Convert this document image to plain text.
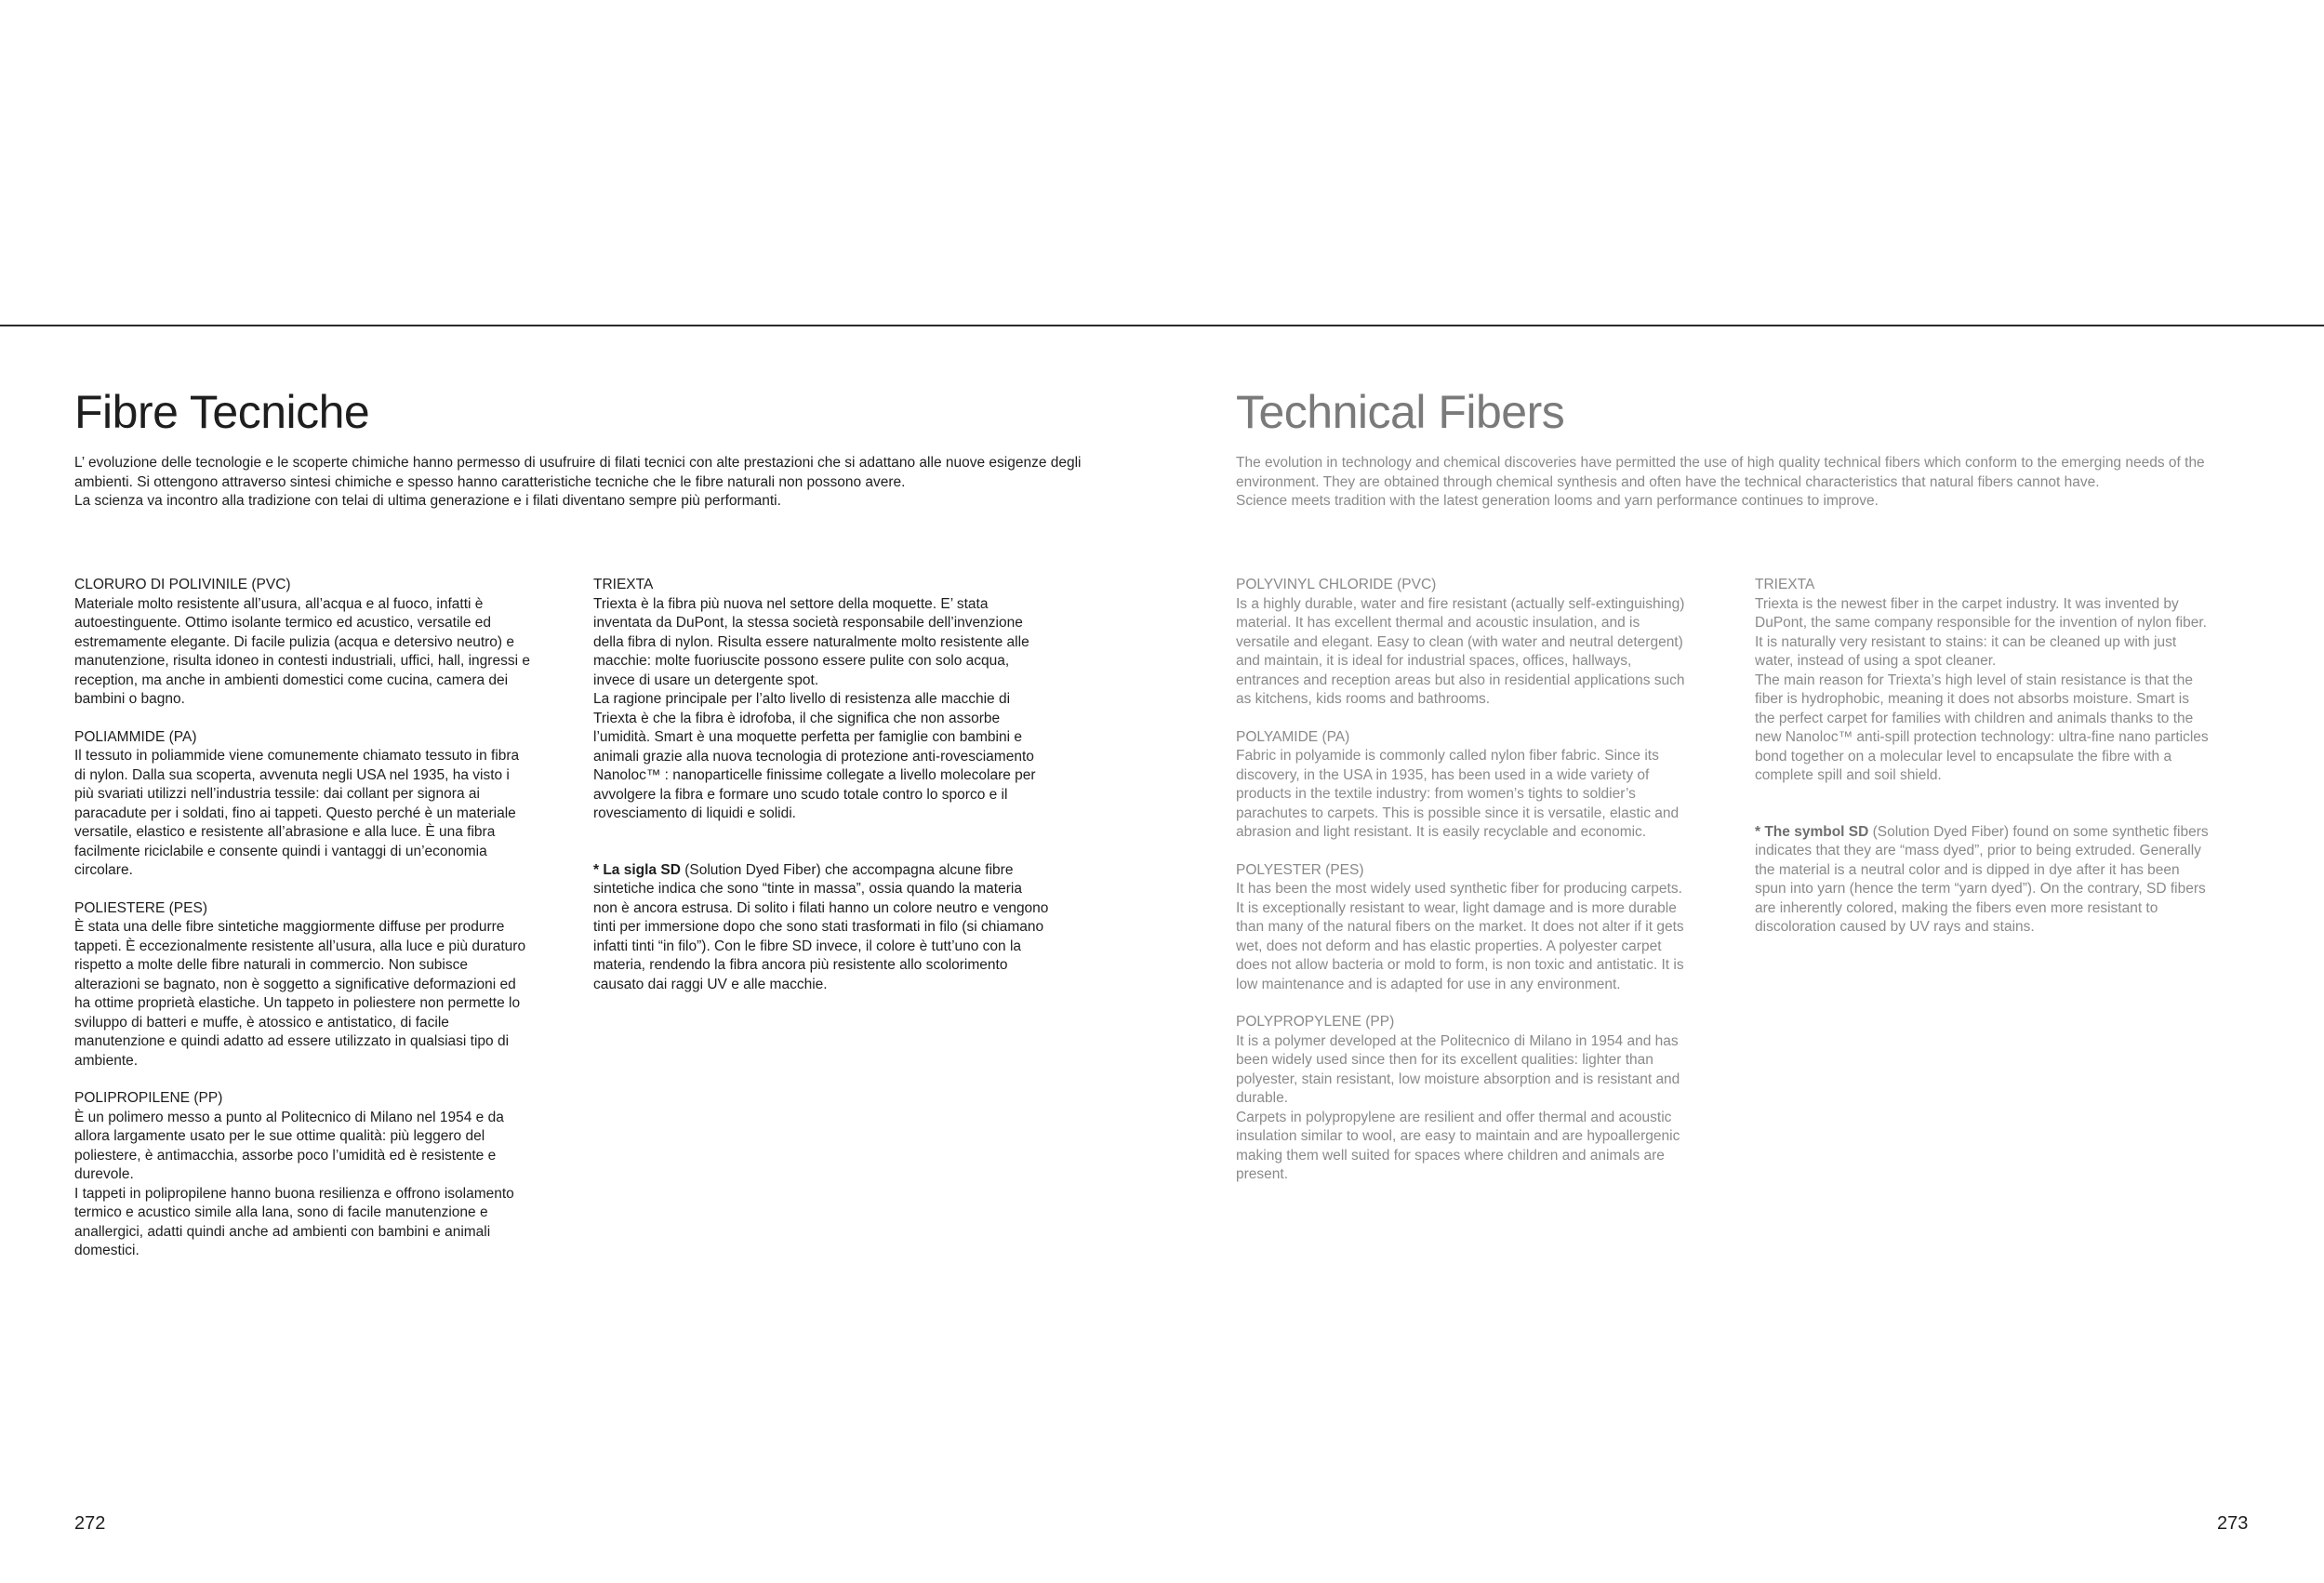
Fibre Tecniche
L’ evoluzione delle tecnologie e le scoperte chimiche hanno permesso di usufruire di filati tecnici con alte prestazioni che si adattano alle nuove esigenze degli ambienti. Si ottengono attraverso sintesi chimiche e spesso hanno caratteristiche tecniche che le fibre naturali non possono avere.
La scienza va incontro alla tradizione con telai di ultima generazione e i filati diventano sempre più performanti.
CLORURO DI POLIVINILE (PVC)

Materiale molto resistente all’usura, all’acqua e al fuoco, infatti è autoestinguente. Ottimo isolante termico ed acustico, versatile ed estremamente elegante. Di facile pulizia (acqua e detersivo neutro) e manutenzione, risulta idoneo in contesti industriali, uffici, hall, ingressi e reception, ma anche in ambienti domestici come cucina, camera dei bambini o bagno.

POLIAMMIDE (PA)

Il tessuto in poliammide viene comunemente chiamato tessuto in fibra di nylon. Dalla sua scoperta, avvenuta negli USA nel 1935, ha visto i più svariati utilizzi nell’industria tessile: dai collant per signora ai paracadute per i soldati, fino ai tappeti. Questo perché è un materiale versatile, elastico e resistente all’abrasione e alla luce. È una fibra facilmente riciclabile e consente quindi i vantaggi di un’economia circolare.

POLIESTERE (PES)

È stata una delle fibre sintetiche maggiormente diffuse per produrre tappeti. È eccezionalmente resistente all’usura, alla luce e più duraturo rispetto a molte delle fibre naturali in commercio. Non subisce alterazioni se bagnato, non è soggetto a significative deformazioni ed ha ottime proprietà elastiche. Un tappeto in poliestere non permette lo sviluppo di batteri e muffe, è atossico e antistatico, di facile manutenzione e quindi adatto ad essere utilizzato in qualsiasi tipo di ambiente.

POLIPROPILENE (PP)

È un polimero messo a punto al Politecnico di Milano nel 1954 e da allora largamente usato per le sue ottime qualità: più leggero del poliestere, è antimacchia, assorbe poco l’umidità ed è resistente e durevole.

I tappeti in polipropilene hanno buona resilienza e offrono isolamento termico e acustico simile alla lana, sono di facile manutenzione e anallergici, adatti quindi anche ad ambienti con bambini e animali domestici.

TRIEXTA

Triexta è la fibra più nuova nel settore della moquette. E’ stata inventata da DuPont, la stessa società responsabile dell’invenzione della fibra di nylon. Risulta essere naturalmente molto resistente alle macchie: molte fuoriuscite possono essere pulite con solo acqua, invece di usare un detergente spot.

La ragione principale per l’alto livello di resistenza alle macchie di Triexta è che la fibra è idrofoba, il che significa che non assorbe l’umidità. Smart è una moquette perfetta per famiglie con bambini e animali grazie alla nuova tecnologia di protezione anti-rovesciamento Nanoloc™ : nanoparticelle finissime collegate a livello molecolare per avvolgere la fibra e formare uno scudo totale contro lo sporco e il rovesciamento di liquidi e solidi.

* La sigla SD (Solution Dyed Fiber) che accompagna alcune fibre sintetiche indica che sono “tinte in massa”, ossia quando la materia non è ancora estrusa. Di solito i filati hanno un colore neutro e vengono tinti per immersione dopo che sono stati trasformati in filo (si chiamano infatti tinti “in filo”). Con le fibre SD invece, il colore è tutt’uno con la materia, rendendo la fibra ancora più resistente allo scolorimento causato dai raggi UV e alle macchie.

272
Technical Fibers
The evolution in technology and chemical discoveries have permitted the use of high quality technical fibers which conform to the emerging needs of the environment. They are obtained through chemical synthesis and often have the technical characteristics that natural fibers cannot have.
Science meets tradition with the latest generation looms and yarn performance continues to improve.
POLYVINYL CHLORIDE (PVC)

Is a highly durable, water and fire resistant (actually self-extinguishing) material. It has excellent thermal and acoustic insulation, and is versatile and elegant. Easy to clean (with water and neutral detergent) and maintain, it is ideal for industrial spaces, offices, hallways, entrances and reception areas but also in residential applications such as kitchens, kids rooms and bathrooms.

POLYAMIDE (PA)

Fabric in polyamide is commonly called nylon fiber fabric. Since its discovery, in the USA in 1935, has been used in a wide variety of products in the textile industry: from women’s tights to soldier’s parachutes to carpets. This is possible since it is versatile, elastic and abrasion and light resistant. It is easily recyclable and economic.

POLYESTER (PES)

It has been the most widely used synthetic fiber for producing carpets. It is exceptionally resistant to wear, light damage and is more durable than many of the natural fibers on the market. It does not alter if it gets wet, does not deform and has elastic properties. A polyester carpet does not allow bacteria or mold to form, is non toxic and antistatic. It is low maintenance and is adapted for use in any environment.

POLYPROPYLENE (PP)

It is a polymer developed at the Politecnico di Milano in 1954 and has been widely used since then for its excellent qualities: lighter than polyester, stain resistant, low moisture absorption and is resistant and durable.

Carpets in polypropylene are resilient and offer thermal and acoustic insulation similar to wool, are easy to maintain and are hypoallergenic making them well suited for spaces where children and animals are present.

TRIEXTA

Triexta is the newest fiber in the carpet industry. It was invented by DuPont, the same company responsible for the invention of nylon fiber. It is naturally very resistant to stains: it can be cleaned up with just water, instead of using a spot cleaner.

The main reason for Triexta’s high level of stain resistance is that the fiber is hydrophobic, meaning it does not absorbs moisture. Smart is the perfect carpet for families with children and animals thanks to the new Nanoloc™ anti-spill protection technology: ultra-fine nano particles bond together on a molecular level to encapsulate the fibre with a complete spill and soil shield.

* The symbol SD (Solution Dyed Fiber) found on some synthetic fibers indicates that they are “mass dyed”, prior to being extruded. Generally the material is a neutral color and is dipped in dye after it has been spun into yarn (hence the term “yarn dyed”). On the contrary, SD fibers are inherently colored, making the fibers even more resistant to discoloration caused by UV rays and stains.

273
